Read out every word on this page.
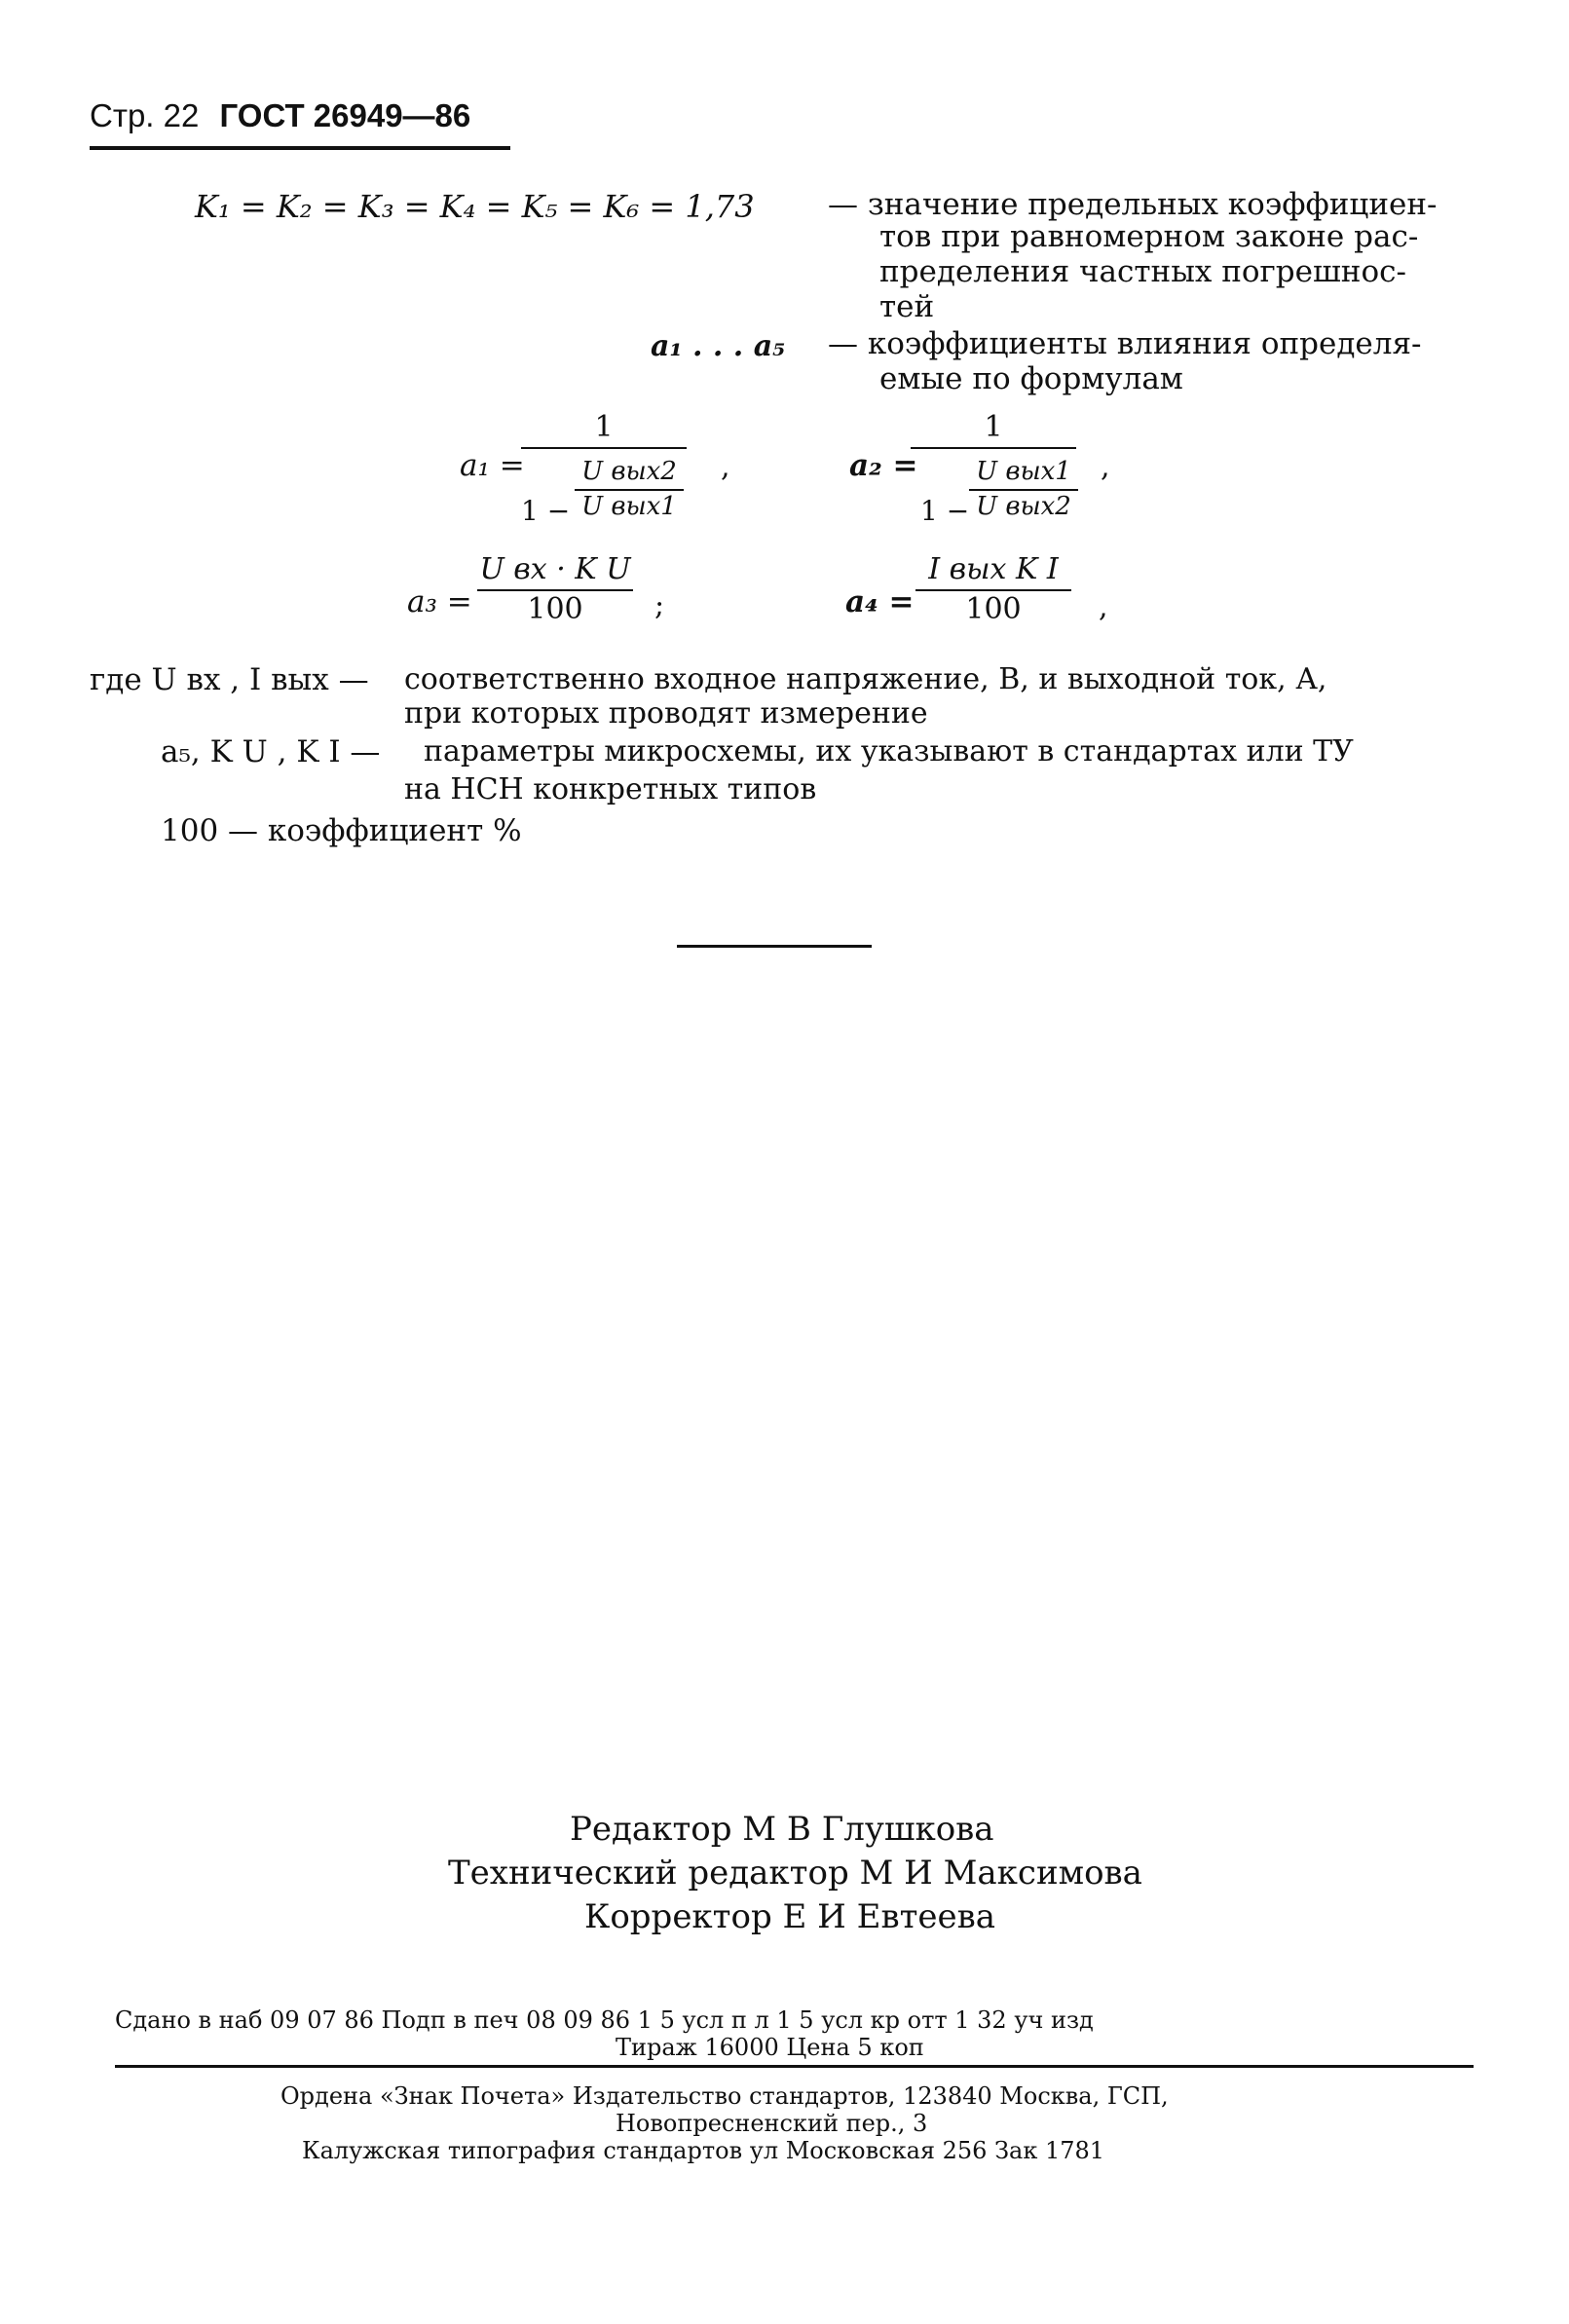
Стр. 22 ГОСТ 26949—86
K₁ = K₂ = K₃ = K₄ = K₅ = K₆ = 1,73 — значение предельных коэффициен-
тов при равномерном законе рас-
пределения частных погрешнос-
тей
a₁ . . . a₅ — коэффициенты влияния определя-
емые по формулам
a₁ =
1
1 −
U вых2
U вых1
,	a₂ =
1
1 −
U вых1
U вых2
,
a₃ =
U вх · K U
100	;	a₄ =
I вых K I
100	,
где U вх , I вых — соответственно входное напряжение, В, и выходной ток, А,
при которых проводят измерение
a₅, K U , K I — параметры микросхемы, их указывают в стандартах или ТУ
на НСН конкретных типов
100 — коэффициент %
Редактор М В Глушкова
Технический редактор М И Максимова
Корректор Е И Евтеева
Сдано в наб 09 07 86 Подп в печ 08 09 86 1 5 усл п л 1 5 усл кр отт 1 32 уч изд
Тираж 16000 Цена 5 коп
Ордена «Знак Почета» Издательство стандартов, 123840 Москва, ГСП,
Новопресненский пер., 3
Калужская типография стандартов ул Московская 256 Зак 1781
